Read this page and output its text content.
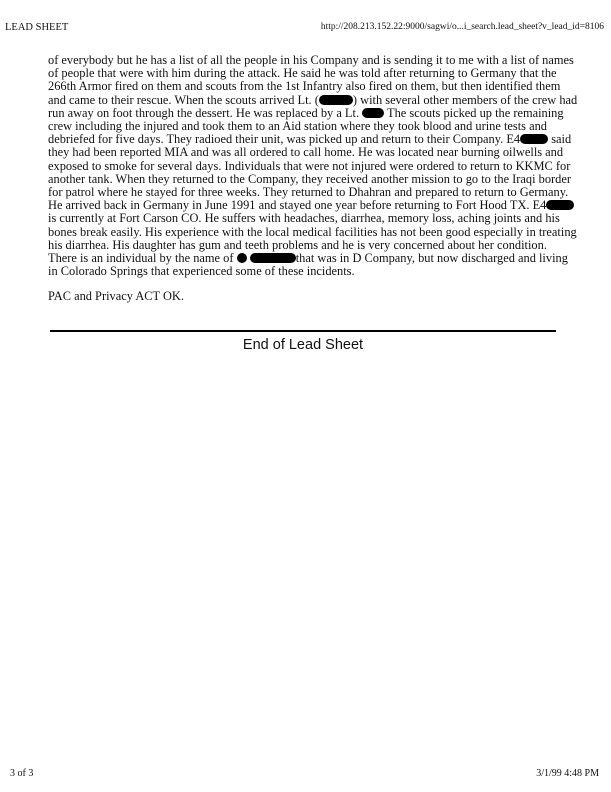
LEAD SHEET	http://208.213.152.22:9000/sagwi/o...i_search.lead_sheet?v_lead_id=8106
of everybody but he has a list of all the people in his Company and is sending it to me with a list of names of people that were with him during the attack. He said he was told after returning to Germany that the 266th Armor fired on them and scouts from the 1st Infantry also fired on them, but then identified them and came to their rescue. When the scouts arrived Lt. (	) with several other members of the crew had run away on foot through the dessert. He was replaced by a Lt. The scouts picked up the remaining crew including the injured and took them to an Aid station where they took blood and urine tests and debriefed for five days. They radioed their unit, was picked up and return to their Company. E4	said they had been reported MIA and was all ordered to call home. He was located near burning oilwells and exposed to smoke for several days. Individuals that were not injured were ordered to return to KKMC for another tank. When they returned to the Company, they received another mission to go to the Iraqi border for patrol where he stayed for three weeks. They returned to Dhahran and prepared to return to Germany. He arrived back in Germany in June 1991 and stayed one year before returning to Fort Hood TX. E4 is currently at Fort Carson CO. He suffers with headaches, diarrhea, memory loss, aching joints and his bones break easily. His experience with the local medical facilities has not been good especially in treating his diarrhea. His daughter has gum and teeth problems and he is very concerned about her condition. There is an individual by the name of	that was in D Company, but now discharged and living in Colorado Springs that experienced some of these incidents.
PAC and Privacy ACT OK.
End of Lead Sheet
3 of 3	3/1/99 4:48 PM
